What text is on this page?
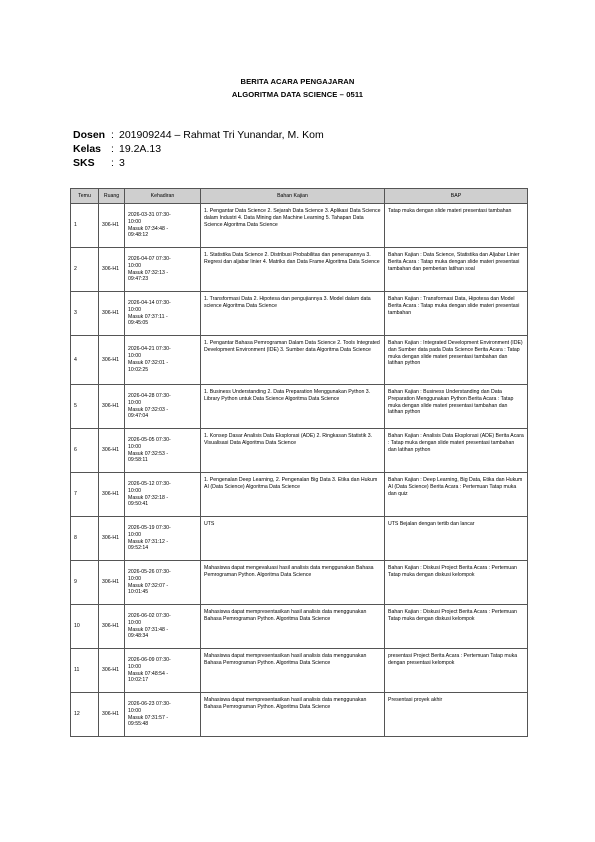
BERITA ACARA PENGAJARAN
ALGORITMA DATA SCIENCE – 0511
Dosen : 201909244 – Rahmat Tri Yunandar, M. Kom
Kelas : 19.2A.13
SKS : 3
Temu	Ruang	Kehadiran	Bahan Kajian	BAP
1	306-H1	2026-03-31 07:30-
10:00
Masuk 07:34:48 -
09:48:12	1. Pengantar Data Science 2. Sejarah Data Science 3. Aplikasi Data Science dalam Industri 4. Data Mining dan Machine Learning 5. Tahapan Data Science Algoritma Data Science	Tatap muka dengan slide materi presentasi tambahan
2	306-H1	2026-04-07 07:30-
10:00
Masuk 07:32:13 -
09:47:23	1. Statistika Data Science 2. Distribusi Probabilitas dan penerapannya 3. Regresi dan aljabar linier 4. Matriks dan Data Frame Algoritma Data Science	Bahan Kajian : Data Science, Statistika dan Aljabar Linier Berita Acara : Tatap muka dengan slide materi presentasi tambahan dan pemberian latihan soal
3	306-H1	2026-04-14 07:30-
10:00
Masuk 07:37:11 -
09:45:05	1. Transformasi Data 2. Hipotesa dan pengujiannya 3. Model dalam data science Algoritma Data Science	Bahan Kajian : Transformasi Data, Hipotesa dan Model Berita Acara : Tatap muka dengan slide materi presentasi tambahan
4	306-H1	2026-04-21 07:30-
10:00
Masuk 07:32:01 -
10:02:25	1. Pengantar Bahasa Pemrograman Dalam Data Science 2. Tools Integrated Development Environment (IDE) 3. Sumber data Algoritma Data Science	Bahan Kajian : Integrated Development Environment (IDE) dan Sumber data pada Data Science Berita Acara : Tatap muka dengan slide materi presentasi tambahan dan latihan python
5	306-H1	2026-04-28 07:30-
10:00
Masuk 07:32:03 -
09:47:04	1. Business Understanding 2. Data Preparation Menggunakan Python 3. Library Python untuk Data Science Algoritma Data Science	Bahan Kajian : Business Understanding dan Data Preparation Menggunakan Python Berita Acara : Tatap muka dengan slide materi presentasi tambahan dan latihan python
6	306-H1	2026-05-05 07:30-
10:00
Masuk 07:32:53 -
09:58:11	1. Konsep Dasar Analisis Data Eksplorasi (ADE) 2. Ringkasan Statistik 3. Visualisasi Data Algoritma Data Science	Bahan Kajian : Analisis Data Eksplorasi (ADE) Berita Acara : Tatap muka dengan slide materi presentasi tambahan dan latihan python
7	306-H1	2026-05-12 07:30-
10:00
Masuk 07:32:18 -
09:50:41	1. Pengenalan Deep Learning, 2. Pengenalan Big Data 3. Etika dan Hukum AI (Data Science) Algoritma Data Science	Bahan Kajian : Deep Learning, Big Data, Etika dan Hukum AI (Data Science) Berita Acara : Pertemuan Tatap muka dan quiz
8	306-H1	2026-05-19 07:30-
10:00
Masuk 07:31:12 -
09:52:14	UTS	UTS Bejalan dengan tertib dan lancar
9	306-H1	2026-05-26 07:30-
10:00
Masuk 07:32:07 -
10:01:45	Mahasiswa dapat mengevaluasi hasil analisis data menggunakan Bahasa Pemrograman Python. Algoritma Data Science	Bahan Kajian : Diskusi Project Berita Acara : Pertemuan Tatap muka dengan diskusi kelompok
10	306-H1	2026-06-02 07:30-
10:00
Masuk 07:31:48 -
09:48:34	Mahasiswa dapat mempresentasikan hasil analisis data menggunakan Bahasa Pemrograman Python. Algoritma Data Science	Bahan Kajian : Diskusi Project Berita Acara : Pertemuan Tatap muka dengan diskusi kelompok
11	306-H1	2026-06-09 07:30-
10:00
Masuk 07:48:54 -
10:02:17	Mahasiswa dapat mempresentasikan hasil analisis data menggunakan Bahasa Pemrograman Python. Algoritma Data Science	presentasi Project Berita Acara : Pertemuan Tatap muka dengan presentasi kelompok
12	306-H1	2026-06-23 07:30-
10:00
Masuk 07:31:57 -
09:55:48	Mahasiswa dapat mempresentasikan hasil analisis data menggunakan Bahasa Pemrograman Python. Algoritma Data Science	Presentasi proyek akhir
